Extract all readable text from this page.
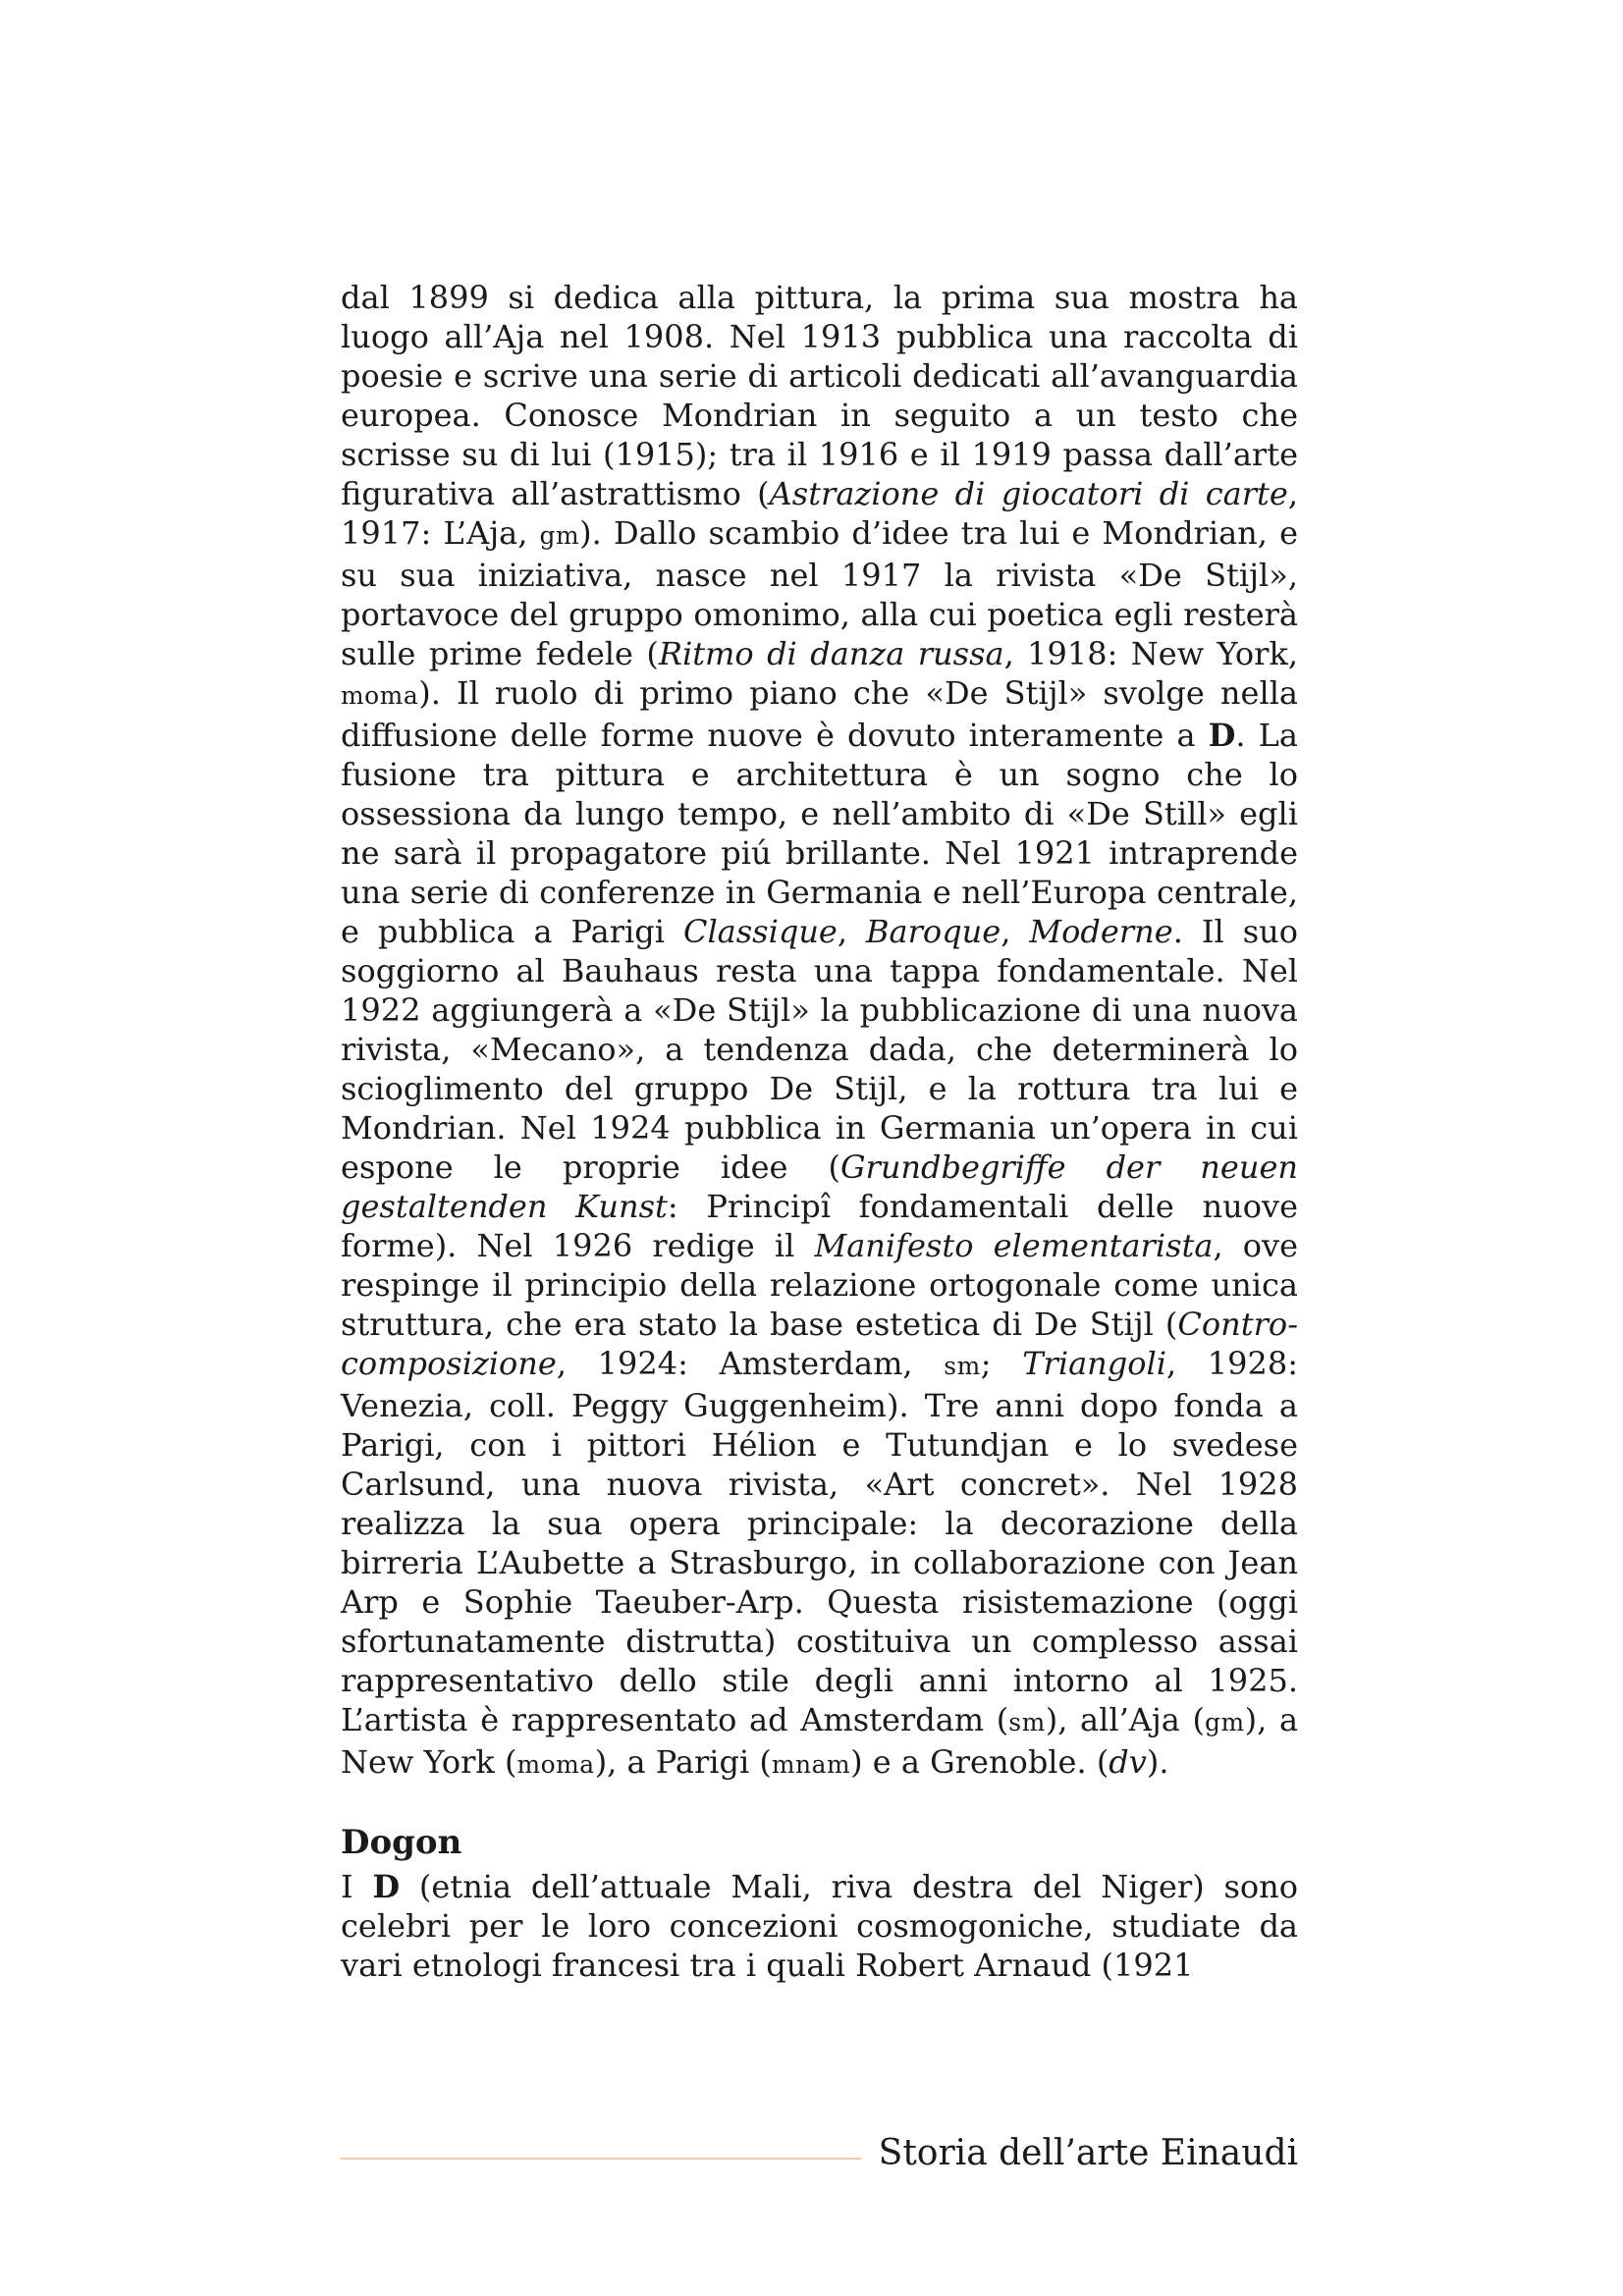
dal 1899 si dedica alla pittura, la prima sua mostra ha luogo all’Aja nel 1908. Nel 1913 pubblica una raccolta di poesie e scrive una serie di articoli dedicati all’avanguardia europea. Conosce Mondrian in seguito a un testo che scrisse su di lui (1915); tra il 1916 e il 1919 passa dall’arte figurativa all’astrattismo (Astrazione di giocatori di carte, 1917: L’Aja, gm). Dallo scambio d’idee tra lui e Mondrian, e su sua iniziativa, nasce nel 1917 la rivista «De Stijl», portavoce del gruppo omonimo, alla cui poetica egli resterà sulle prime fedele (Ritmo di danza russa, 1918: New York, moma). Il ruolo di primo piano che «De Stijl» svolge nella diffusione delle forme nuove è dovuto interamente a D. La fusione tra pittura e architettura è un sogno che lo ossessiona da lungo tempo, e nell’ambito di «De Still» egli ne sarà il propagatore piú brillante. Nel 1921 intraprende una serie di conferenze in Germania e nell’Europa centrale, e pubblica a Parigi Classique, Baroque, Moderne. Il suo soggiorno al Bauhaus resta una tappa fondamentale. Nel 1922 aggiungerà a «De Stijl» la pubblicazione di una nuova rivista, «Mecano», a tendenza dada, che determinerà lo scioglimento del gruppo De Stijl, e la rottura tra lui e Mondrian. Nel 1924 pubblica in Germania un’opera in cui espone le proprie idee (Grundbegriffe der neuen gestaltenden Kunst: Principî fondamentali delle nuove forme). Nel 1926 redige il Manifesto elementarista, ove respinge il principio della relazione ortogonale come unica struttura, che era stato la base estetica di De Stijl (Contro-composizione, 1924: Amsterdam, sm; Triangoli, 1928: Venezia, coll. Peggy Guggenheim). Tre anni dopo fonda a Parigi, con i pittori Hélion e Tutundjan e lo svedese Carlsund, una nuova rivista, «Art concret». Nel 1928 realizza la sua opera principale: la decorazione della birreria L’Aubette a Strasburgo, in collaborazione con Jean Arp e Sophie Taeuber-Arp. Questa risistemazione (oggi sfortunatamente distrutta) costituiva un complesso assai rappresentativo dello stile degli anni intorno al 1925. L’artista è rappresentato ad Amsterdam (sm), all’Aja (gm), a New York (moma), a Parigi (mnam) e a Grenoble. (dv).

Dogon

I D (etnia dell’attuale Mali, riva destra del Niger) sono celebri per le loro concezioni cosmogoniche, studiate da vari etnologi francesi tra i quali Robert Arnaud (1921

Storia dell’arte Einaudi
